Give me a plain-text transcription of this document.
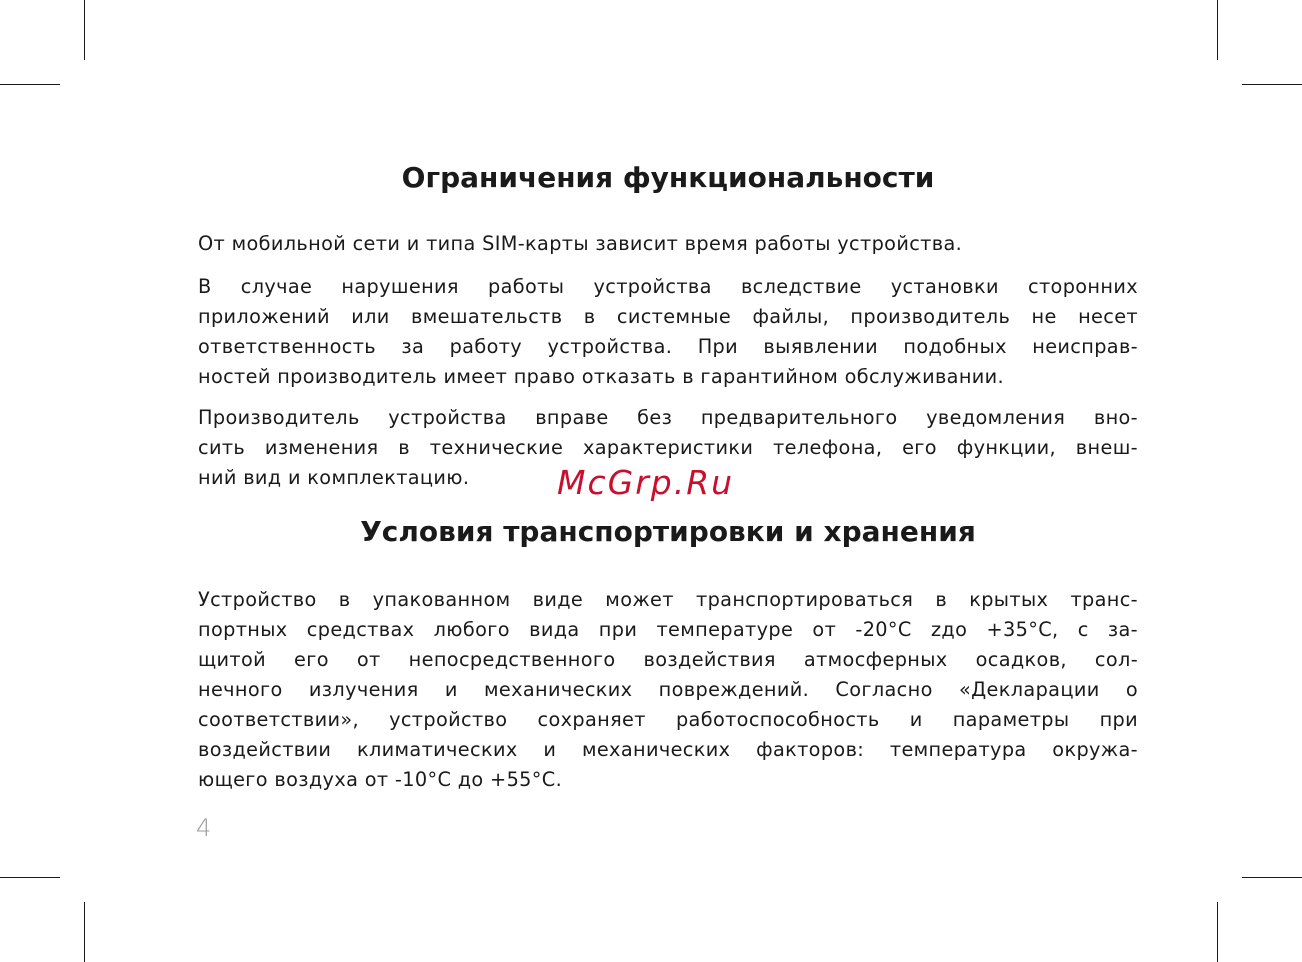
Ограничения функциональности

От мобильной сети и типа SIM-карты зависит время работы устройства.

В случае нарушения работы устройства вследствие установки сторонних
приложений или вмешательств в системные файлы, производитель не несет
ответственность за работу устройства. При выявлении подобных неисправ-
ностей производитель имеет право отказать в гарантийном обслуживании.

Производитель устройства вправе без предварительного уведомления вно-
сить изменения в технические характеристики телефона, его функции, внеш-
ний вид и комплектацию.	McGrp.Ru
Условия транспортировки и хранения

Устройство в упакованном виде может транспортироваться в крытых транс-
портных средствах любого вида при температуре от -20°С zдо +35°С, с за-
щитой его от непосредственного воздействия атмосферных осадков, сол-
нечного излучения и механических повреждений. Согласно «Декларации о
соответствии», устройство сохраняет работоспособность и параметры при
воздействии климатических и механических факторов: температура окружа-
ющего воздуха от -10°С до +55°С.

4
